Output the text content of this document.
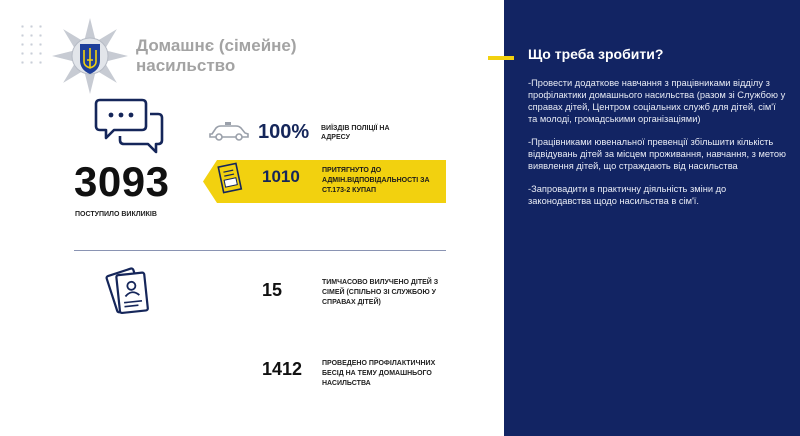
Домашнє (сімейне) насильство
3093
ПОСТУПИЛО ВИКЛИКІВ
100% ВИЇЗДІВ ПОЛІЦІЇ НА АДРЕСУ
1010	ПРИТЯГНУТО ДО АДМІН.ВІДПОВІДАЛЬНОСТІ ЗА СТ.173-2 КУПАП
15	ТИМЧАСОВО ВИЛУЧЕНО ДІТЕЙ З СІМЕЙ (СПІЛЬНО ЗІ СЛУЖБОЮ У СПРАВАХ ДІТЕЙ)
1412	ПРОВЕДЕНО ПРОФІЛАКТИЧНИХ БЕСІД НА ТЕМУ ДОМАШНЬОГО НАСИЛЬСТВА
Що треба зробити?
-Провести додаткове навчання з працівниками відділу з профілактики домашнього насильства (разом зі Службою у справах дітей, Центром соціальних служб для дітей, сім'ї та молоді, громадськими організаціями)
-Працівниками ювенальної превенції збільшити кількість відвідувань дітей за місцем проживання, навчання, з метою виявлення дітей, що страждають від насильства
-Запровадити в практичну діяльність зміни до законодавства щодо насильства в сім'ї.
